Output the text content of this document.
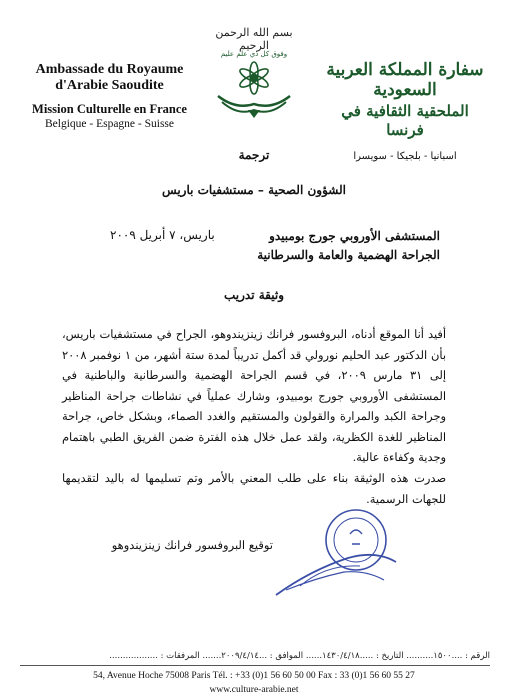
بسم الله الرحمن الرحيم
وفوق كل ذي علم عليم
Ambassade du Royaume
d'Arabie Saoudite
Mission Culturelle en France
Belgique - Espagne - Suisse
سفارة المملكة العربية السعودية
الملحقية الثقافية في فرنسا
اسبانيا - بلجيكا - سويسرا
ترجمة
الشؤون الصحية – مستشفيات باريس
المستشفى الأوروبي جورج بومبيدو
الجراحة الهضمية والعامة والسرطانية
باريس، ٧ أبريل ٢٠٠٩
وثيقة تدريب
أفيد أنا الموقع أدناه، البروفسور فرانك زينزيندوهو، الجراح في مستشفيات باريس، بأن الدكتور عبد الحليم نورولي قد أكمل تدريباً لمدة ستة أشهر، من ١ نوفمبر ٢٠٠٨ إلى ٣١ مارس ٢٠٠٩، في قسم الجراحة الهضمية والسرطانية والباطنية في المستشفى الأوروبي جورج بومبيدو، وشارك عملياً في نشاطات جراحة المناظير وجراحة الكبد والمرارة والقولون والمستقيم والغدد الصماء، وبشكل خاص، جراحة المناظير للغدة الكظرية، ولقد عمل خلال هذه الفترة ضمن الفريق الطبي باهتمام وجدية وكفاءة عالية.
صدرت هذه الوثيقة بناء على طلب المعني بالأمر وتم تسليمها له باليد لتقديمها للجهات الرسمية.
توقيع البروفسور فرانك زينزيندوهو
الرقم : ....١٥٠٠.......... التاريخ : .....١٤٣٠/٤/١٨...... الموافق : ...٢٠٠٩/٤/١٤....... المرفقات : ..................
54, Avenue Hoche 75008 Paris Tél. : +33 (0)1 56 60 50 00 Fax : 33 (0)1 56 60 55 27
www.culture-arabie.net
